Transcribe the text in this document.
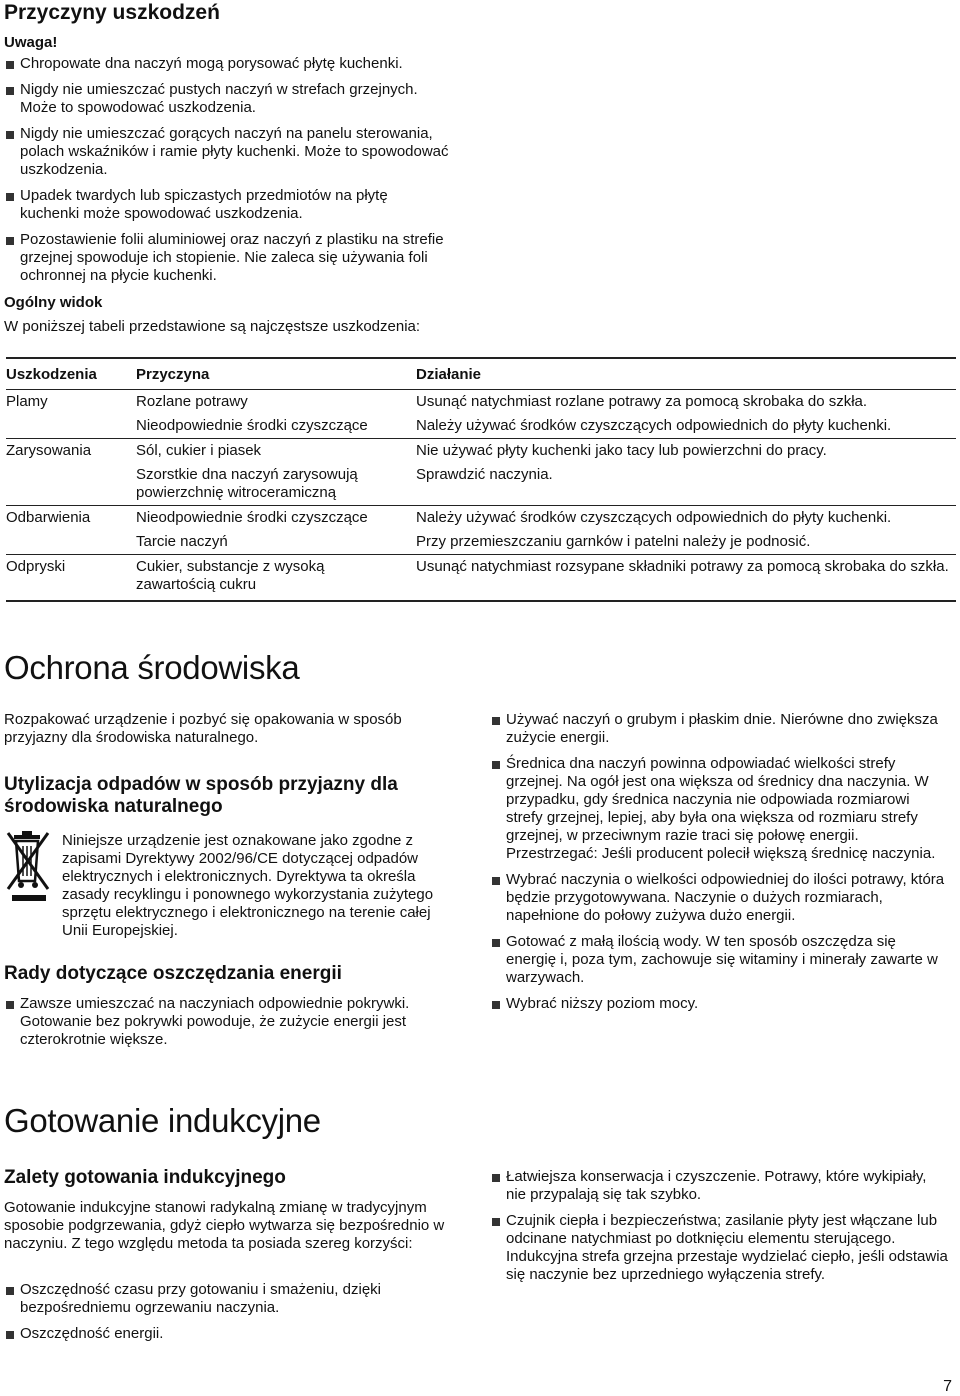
Przyczyny uszkodzeń
Uwaga!
Chropowate dna naczyń mogą porysować płytę kuchenki.
Nigdy nie umieszczać pustych naczyń w strefach grzejnych. Może to spowodować uszkodzenia.
Nigdy nie umieszczać gorących naczyń na panelu sterowania, polach wskaźników i ramie płyty kuchenki. Może to spowodować uszkodzenia.
Upadek twardych lub spiczastych przedmiotów na płytę kuchenki może spowodować uszkodzenia.
Pozostawienie folii aluminiowej oraz naczyń z plastiku na strefie grzejnej spowoduje ich stopienie. Nie zaleca się używania foli ochronnej na płycie kuchenki.
Ogólny widok

W poniższej tabeli przedstawione są najczęstsze uszkodzenia:

Uszkodzenia	Przyczyna	Działanie
Plamy	Rozlane potrawy	Usunąć natychmiast rozlane potrawy za pomocą skrobaka do szkła.
	Nieodpowiednie środki czyszczące	Należy używać środków czyszczących odpowiednich do płyty kuchenki.
Zarysowania	Sól, cukier i piasek	Nie używać płyty kuchenki jako tacy lub powierzchni do pracy.
	Szorstkie dna naczyń zarysowują powierzchnię witroceramiczną	Sprawdzić naczynia.
Odbarwienia	Nieodpowiednie środki czyszczące	Należy używać środków czyszczących odpowiednich do płyty kuchenki.
	Tarcie naczyń	Przy przemieszczaniu garnków i patelni należy je podnosić.
Odpryski	Cukier, substancje z wysoką zawartością cukru	Usunąć natychmiast rozsypane składniki potrawy za pomocą skrobaka do szkła.
Ochrona środowiska

Rozpakować urządzenie i pozbyć się opakowania w sposób przyjazny dla środowiska naturalnego.

Utylizacja odpadów w sposób przyjazny dla środowiska naturalnego

Niniejsze urządzenie jest oznakowane jako zgodne z zapisami Dyrektywy 2002/96/CE dotyczącej odpadów elektrycznych i elektronicznych. Dyrektywa ta określa zasady recyklingu i ponownego wykorzystania zużytego sprzętu elektrycznego i elektronicznego na terenie całej Unii Europejskiej.

Rady dotyczące oszczędzania energii
Zawsze umieszczać na naczyniach odpowiednie pokrywki. Gotowanie bez pokrywki powoduje, że zużycie energii jest czterokrotnie większe.
Używać naczyń o grubym i płaskim dnie. Nierówne dno zwiększa zużycie energii.
Średnica dna naczyń powinna odpowiadać wielkości strefy grzejnej. Na ogół jest ona większa od średnicy dna naczynia. W przypadku, gdy średnica naczynia nie odpowiada rozmiarowi strefy grzejnej, lepiej, aby była ona większa od rozmiaru strefy grzejnej, w przeciwnym razie traci się połowę energii. Przestrzegać: Jeśli producent polecił większą średnicę naczynia.
Wybrać naczynia o wielkości odpowiedniej do ilości potrawy, która będzie przygotowywana. Naczynie o dużych rozmiarach, napełnione do połowy zużywa dużo energii.
Gotować z małą ilością wody. W ten sposób oszczędza się energię i, poza tym, zachowuje się witaminy i minerały zawarte w warzywach.
Wybrać niższy poziom mocy.
Gotowanie indukcyjne
Zalety gotowania indukcyjnego

Gotowanie indukcyjne stanowi radykalną zmianę w tradycyjnym sposobie podgrzewania, gdyż ciepło wytwarza się bezpośrednio w naczyniu. Z tego względu metoda ta posiada szereg korzyści:

Oszczędność czasu przy gotowaniu i smażeniu, dzięki bezpośredniemu ogrzewaniu naczynia.
Oszczędność energii.
Łatwiejsza konserwacja i czyszczenie. Potrawy, które wykipiały, nie przypalają się tak szybko.
Czujnik ciepła i bezpieczeństwa; zasilanie płyty jest włączane lub odcinane natychmiast po dotknięciu elementu sterującego. Indukcyjna strefa grzejna przestaje wydzielać ciepło, jeśli odstawia się naczynie bez uprzedniego wyłączenia strefy.
7
